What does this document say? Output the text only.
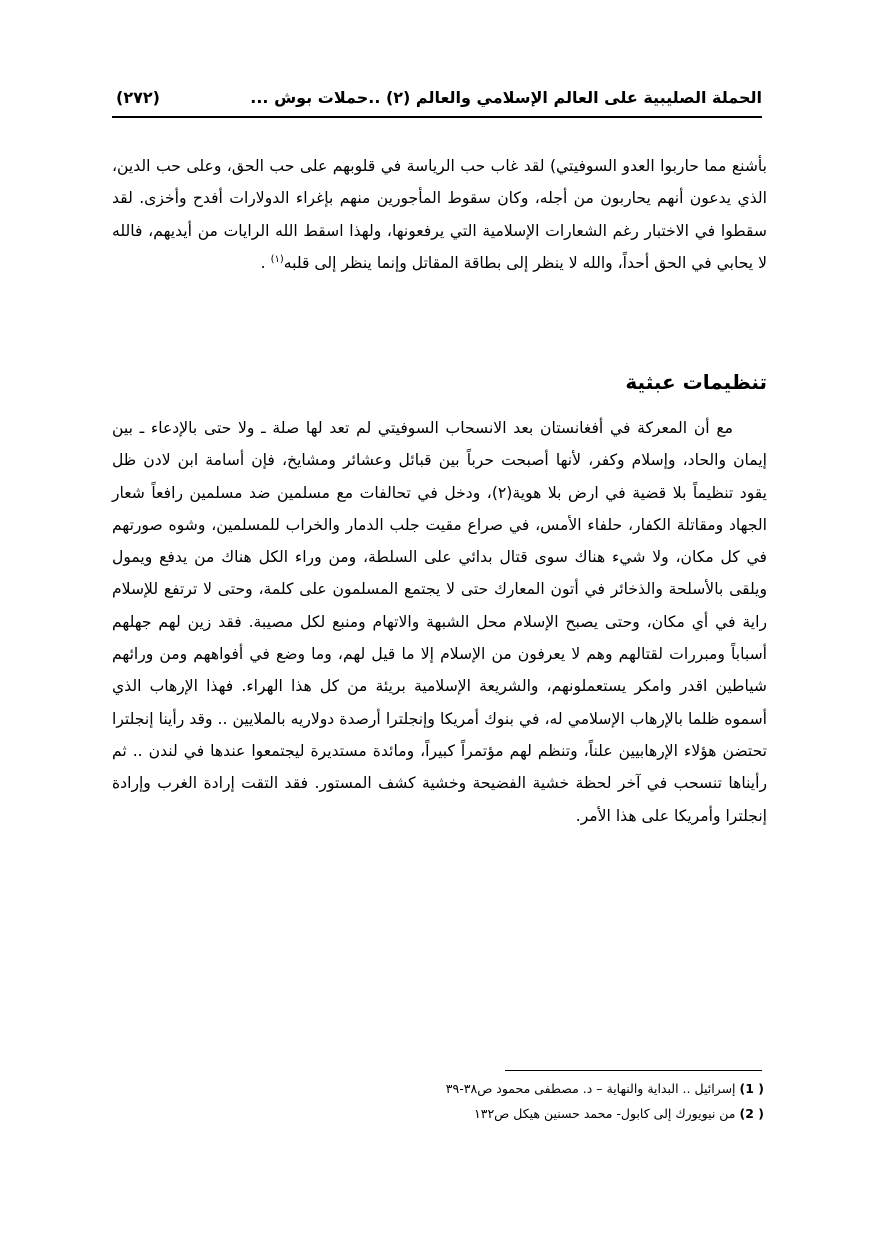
الحملة الصليبية على العالم الإسلامي والعالم (٢) ..حملات بوش ...
(٢٧٢)

بأشنع مما حاربوا العدو السوفيتي) لقد غاب حب الرياسة في قلوبهم على حب الحق، وعلى حب الدين، الذي يدعون أنهم يحاربون من أجله، وكان سقوط المأجورين منهم بإغراء الدولارات أفدح وأخزى. لقد سقطوا في الاختبار رغم الشعارات الإسلامية التي يرفعونها، ولهذا اسقط الله الرايات من أيديهم، فالله لا يحابي في الحق أحداً، والله لا ينظر إلى بطاقة المقاتل وإنما ينظر إلى قلبه$^{(١)}$ .

تنظيمات عبثية

مع أن المعركة في أفغانستان بعد الانسحاب السوفيتي لم تعد لها صلة ـ ولا حتى بالإدعاء ـ بين إيمان والحاد، وإسلام وكفر، لأنها أصبحت حرباً بين قبائل وعشائر ومشايخ، فإن أسامة ابن لادن ظل يقود تنظيماً بلا قضية في ارض بلا هوية(٢)، ودخل في تحالفات مع مسلمين ضد مسلمين رافعاً شعار الجهاد ومقاتلة الكفار، حلفاء الأمس، في صراع مقيت جلب الدمار والخراب للمسلمين، وشوه صورتهم في كل مكان، ولا شيء هناك سوى قتال بدائي على السلطة، ومن وراء الكل هناك من يدفع ويمول ويلقى بالأسلحة والذخائر في أتون المعارك حتى لا يجتمع المسلمون على كلمة، وحتى لا ترتفع للإسلام راية في أي مكان، وحتى يصبح الإسلام محل الشبهة والاتهام ومنبع لكل مصيبة. فقد زين لهم جهلهم أسباباً ومبررات لقتالهم وهم لا يعرفون من الإسلام إلا ما قيل لهم، وما وضع في أفواههم ومن ورائهم شياطين اقدر وامكر يستعملونهم، والشريعة الإسلامية بريئة من كل هذا الهراء. فهذا الإرهاب الذي أسموه ظلما بالإرهاب الإسلامي له، في بنوك أمريكا وإنجلترا أرصدة دولاريه بالملايين .. وقد رأينا إنجلترا تحتضن هؤلاء الإرهابيين علناً، وتنظم لهم مؤتمراً كبيراً، ومائدة مستديرة ليجتمعوا عندها في لندن .. ثم رأيناها تنسحب في آخر لحظة خشية الفضيحة وخشية كشف المستور. فقد التقت إرادة الغرب وإرادة إنجلترا وأمريكا على هذا الأمر.

( 1) إسرائيل .. البداية والنهاية – د. مصطفى محمود ص٣٨-٣٩
( 2) من نيويورك إلى كابول- محمد حسنين هيكل ص١٣٢
